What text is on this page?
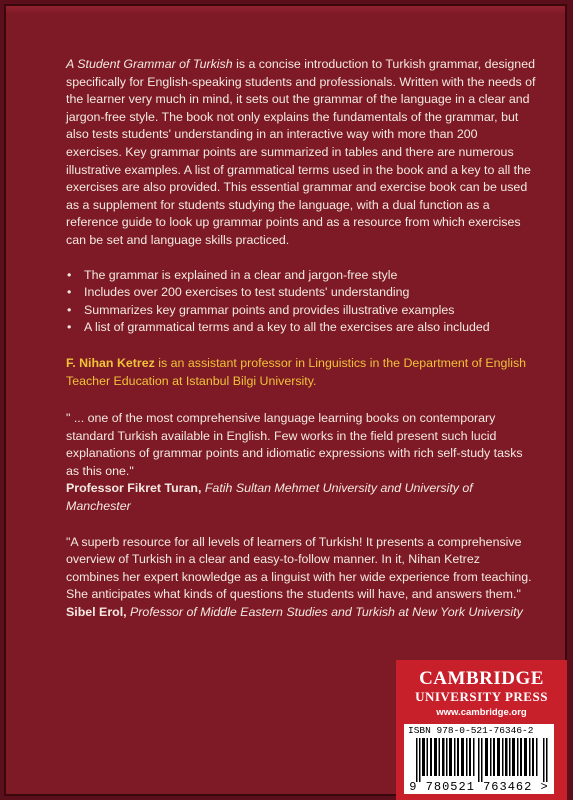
A Student Grammar of Turkish is a concise introduction to Turkish grammar, designed specifically for English-speaking students and professionals. Written with the needs of the learner very much in mind, it sets out the grammar of the language in a clear and jargon-free style. The book not only explains the fundamentals of the grammar, but also tests students' understanding in an interactive way with more than 200 exercises. Key grammar points are summarized in tables and there are numerous illustrative examples. A list of grammatical terms used in the book and a key to all the exercises are also provided. This essential grammar and exercise book can be used as a supplement for students studying the language, with a dual function as a reference guide to look up grammar points and as a resource from which exercises can be set and language skills practiced.

• The grammar is explained in a clear and jargon-free style
• Includes over 200 exercises to test students' understanding
• Summarizes key grammar points and provides illustrative examples
• A list of grammatical terms and a key to all the exercises are also included

F. Nihan Ketrez is an assistant professor in Linguistics in the Department of English Teacher Education at Istanbul Bilgi University.

" ... one of the most comprehensive language learning books on contemporary standard Turkish available in English. Few works in the field present such lucid explanations of grammar points and idiomatic expressions with rich self-study tasks as this one."
Professor Fikret Turan, Fatih Sultan Mehmet University and University of Manchester
"A superb resource for all levels of learners of Turkish! It presents a comprehensive overview of Turkish in a clear and easy-to-follow manner. In it, Nihan Ketrez combines her expert knowledge as a linguist with her wide experience from teaching. She anticipates what kinds of questions the students will have, and answers them."
Sibel Erol, Professor of Middle Eastern Studies and Turkish at New York University
CAMBRIDGE
UNIVERSITY PRESS
www.cambridge.org
ISBN 978-0-521-76346-2
9 780521 763462 >
